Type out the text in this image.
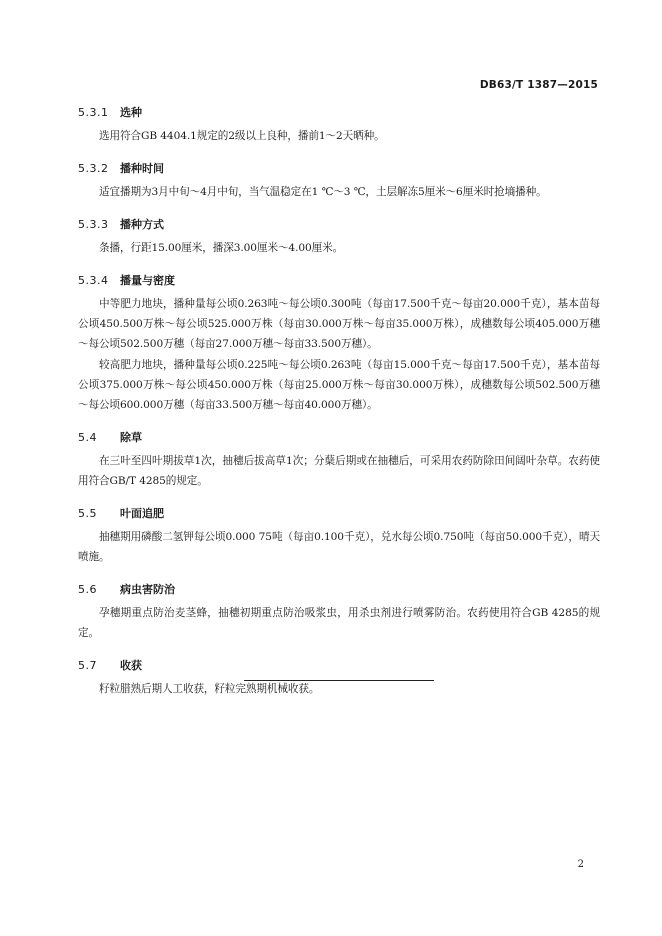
DB63/T 1387—2015
5.3.1	选种

选用符合GB 4404.1规定的2级以上良种，播前1～2天晒种。

5.3.2	播种时间

适宜播期为3月中旬～4月中旬，当气温稳定在1 ℃～3 ℃，土层解冻5厘米～6厘米时抢墒播种。

5.3.3	播种方式

条播，行距15.00厘米，播深3.00厘米～4.00厘米。

5.3.4	播量与密度

中等肥力地块，播种量每公顷0.263吨～每公顷0.300吨（每亩17.500千克～每亩20.000千克），基本苗每公顷450.500万株～每公顷525.000万株（每亩30.000万株～每亩35.000万株），成穗数每公顷405.000万穗～每公顷502.500万穗（每亩27.000万穗～每亩33.500万穗）。

较高肥力地块，播种量每公顷0.225吨～每公顷0.263吨（每亩15.000千克～每亩17.500千克），基本苗每公顷375.000万株～每公顷450.000万株（每亩25.000万株～每亩30.000万株），成穗数每公顷502.500万穗～每公顷600.000万穗（每亩33.500万穗～每亩40.000万穗）。

5.4	除草

在三叶至四叶期拔草1次，抽穗后拔高草1次；分蘖后期或在抽穗后，可采用农药防除田间阔叶杂草。农药使用符合GB/T 4285的规定。

5.5	叶面追肥

抽穗期用磷酸二氢钾每公顷0.000 75吨（每亩0.100千克），兑水每公顷0.750吨（每亩50.000千克），晴天喷施。

5.6	病虫害防治

孕穗期重点防治麦茎蜂，抽穗初期重点防治吸浆虫，用杀虫剂进行喷雾防治。农药使用符合GB 4285的规定。

5.7	收获

籽粒腊熟后期人工收获，籽粒完熟期机械收获。

2
